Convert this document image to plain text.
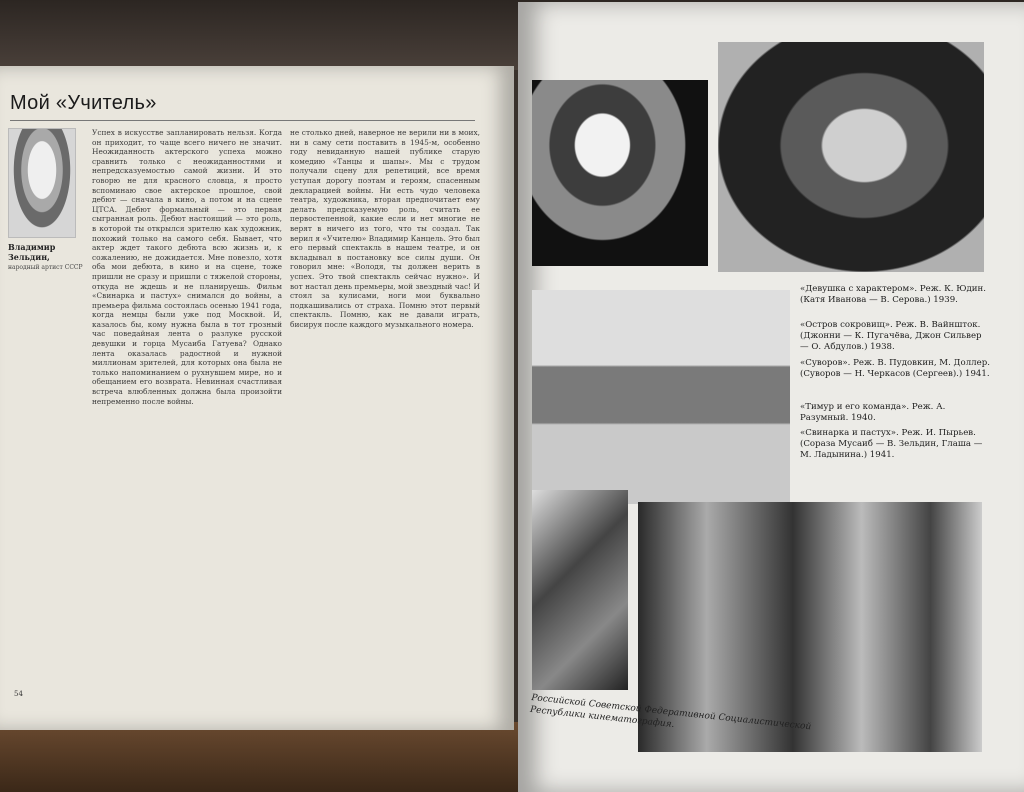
Мой «Учитель»
Владимир Зельдин,
народный артист СССР
Успех в искусстве запланировать нельзя. Когда он приходит, то чаще всего ничего не значит. Неожиданность актерского успеха можно сравнить только с неожиданностями и непредсказуемостью самой жизни. И это говорю не для красного словца, я просто вспоминаю свое актерское прошлое, свой дебют — сначала в кино, а потом и на сцене ЦТСА. Дебют формальный — это первая сыгранная роль. Дебют настоящий — это роль, в которой ты открылся зрителю как художник, похожий только на самого себя. Бывает, что актер ждет такого дебюта всю жизнь и, к сожалению, не дожидается. Мне повезло, хотя оба мои дебюта, в кино и на сцене, тоже пришли не сразу и пришли с тяжелой стороны, откуда не ждешь и не планируешь. Фильм «Свинарка и пастух» снимался до войны, а премьера фильма состоялась осенью 1941 года, когда немцы были уже под Москвой. И, казалось бы, кому нужна была в тот грозный час поведайная лента о разлуке русской девушки и горца Мусаиба Гатуева? Однако лента оказалась радостной и нужной миллионам зрителей, для которых она была не только напоминанием о рухнувшем мире, но и обещанием его возврата. Невинная счастливая встреча влюбленных должна была произойти непременно после войны.
не столько дней, наверное не верили ни в моих, ни в саму сети поставить в 1945-м, особенно году невиданную нашей публике старую комедию «Танцы и шапы». Мы с трудом получали сцену для репетиций, все время уступая дорогу поэтам и героям, спасенным декларацией войны. Ни есть чудо человека театра, художника, вторая предпочитает ему делать предсказуемую роль, считать ее первостепенной, какие если и нет многие не верят в ничего из того, что ты создал. Так верил я «Учителю» Владимир Канцель. Это был его первый спектакль в нашем театре, и он вкладывал в постановку все силы души. Он говорил мне: «Володя, ты должен верить в успех. Это твой спектакль сейчас нужно». И вот настал день премьеры, мой звездный час! И стоял за кулисами, ноги мои буквально подкашивались от страха. Помню этот первый спектакль. Помню, как не давали играть, бисируя после каждого музыкального номера.
54
«Девушка с характером». Реж. К. Юдин. (Катя Иванова — В. Серова.) 1939.
«Остров сокровищ». Реж. В. Вайншток. (Джонни — К. Пугачёва, Джон Сильвер — О. Абдулов.) 1938.
«Суворов». Реж. В. Пудовкин, М. Доллер. (Суворов — Н. Черкасов (Сергеев).) 1941.
«Тимур и его команда». Реж. А. Разумный. 1940.
«Свинарка и пастух». Реж. И. Пырьев. (Сораза Мусаиб — В. Зельдин, Глаша — М. Ладынина.) 1941.
Российской Советской Федеративной Социалистической Республики кинематография.
